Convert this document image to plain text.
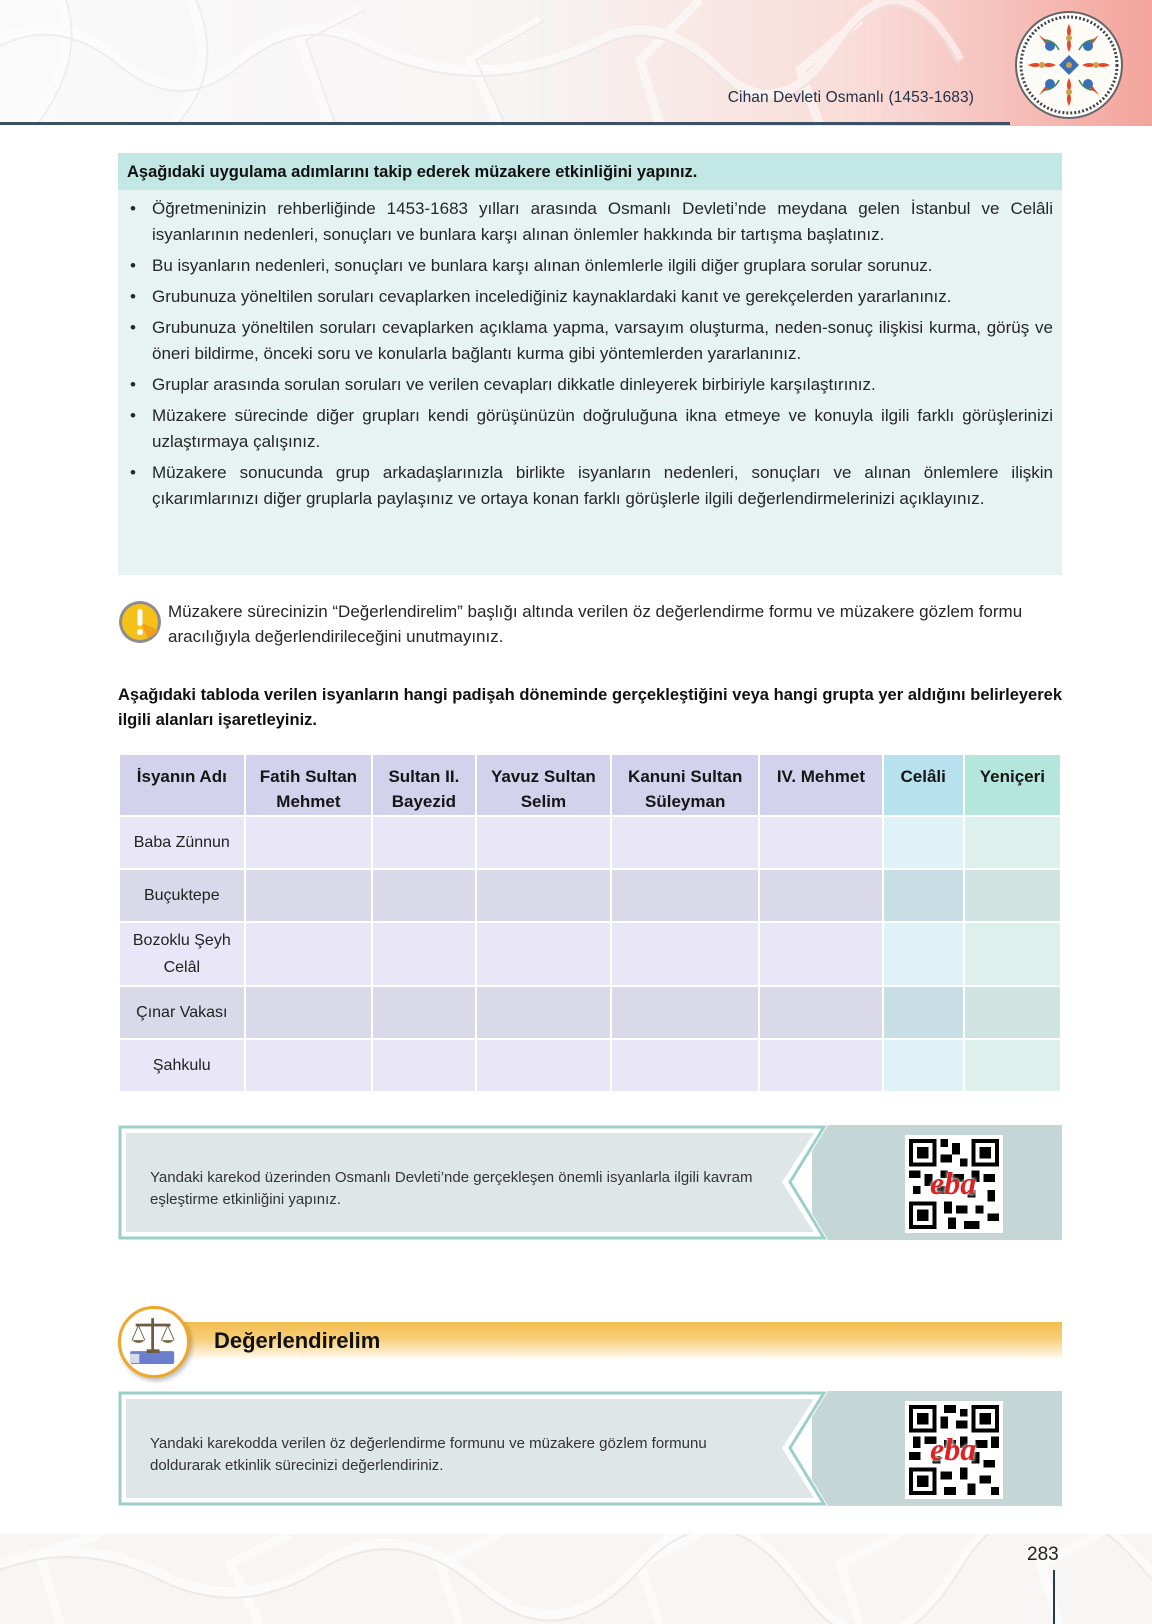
Cihan Devleti Osmanlı (1453-1683)
Aşağıdaki uygulama adımlarını takip ederek müzakere etkinliğini yapınız.
• Öğretmeninizin rehberliğinde 1453-1683 yılları arasında Osmanlı Devleti’nde meydana gelen İstanbul ve Celâli isyanlarının nedenleri, sonuçları ve bunlara karşı alınan önlemler hakkında bir tartışma başlatınız.
• Bu isyanların nedenleri, sonuçları ve bunlara karşı alınan önlemlerle ilgili diğer gruplara sorular sorunuz.
• Grubunuza yöneltilen soruları cevaplarken incelediğiniz kaynaklardaki kanıt ve gerekçelerden yararlanınız.
• Grubunuza yöneltilen soruları cevaplarken açıklama yapma, varsayım oluşturma, neden-sonuç ilişkisi kurma, görüş ve öneri bildirme, önceki soru ve konularla bağlantı kurma gibi yöntemlerden yararlanınız.
• Gruplar arasında sorulan soruları ve verilen cevapları dikkatle dinleyerek birbiriyle karşılaştırınız.
• Müzakere sürecinde diğer grupları kendi görüşünüzün doğruluğuna ikna etmeye ve konuyla ilgili farklı görüşlerinizi uzlaştırmaya çalışınız.
• Müzakere sonucunda grup arkadaşlarınızla birlikte isyanların nedenleri, sonuçları ve alınan önlemlere ilişkin çıkarımlarınızı diğer gruplarla paylaşınız ve ortaya konan farklı görüşlerle ilgili değerlendirmelerinizi açıklayınız.
Müzakere sürecinizin “Değerlendirelim” başlığı altında verilen öz değerlendirme formu ve müzakere gözlem formu aracılığıyla değerlendirileceğini unutmayınız.
Aşağıdaki tabloda verilen isyanların hangi padişah döneminde gerçekleştiğini veya hangi grupta yer aldığını belirleyerek ilgili alanları işaretleyiniz.
İsyanın Adı	Fatih Sultan Mehmet	Sultan II. Bayezid	Yavuz Sultan Selim	Kanuni Sultan Süleyman	IV. Mehmet	Celâli	Yeniçeri
Baba Zünnun							
Buçuktepe							
Bozoklu Şeyh Celâl							
Çınar Vakası							
Şahkulu							
Yandaki karekod üzerinden Osmanlı Devleti’nde gerçekleşen önemli isyanlarla ilgili kavram eşleştirme etkinliğini yapınız.	eba
Değerlendirelim
Yandaki karekodda verilen öz değerlendirme formunu ve müzakere gözlem formunu doldurarak etkinlik sürecinizi değerlendiriniz.	eba
283
